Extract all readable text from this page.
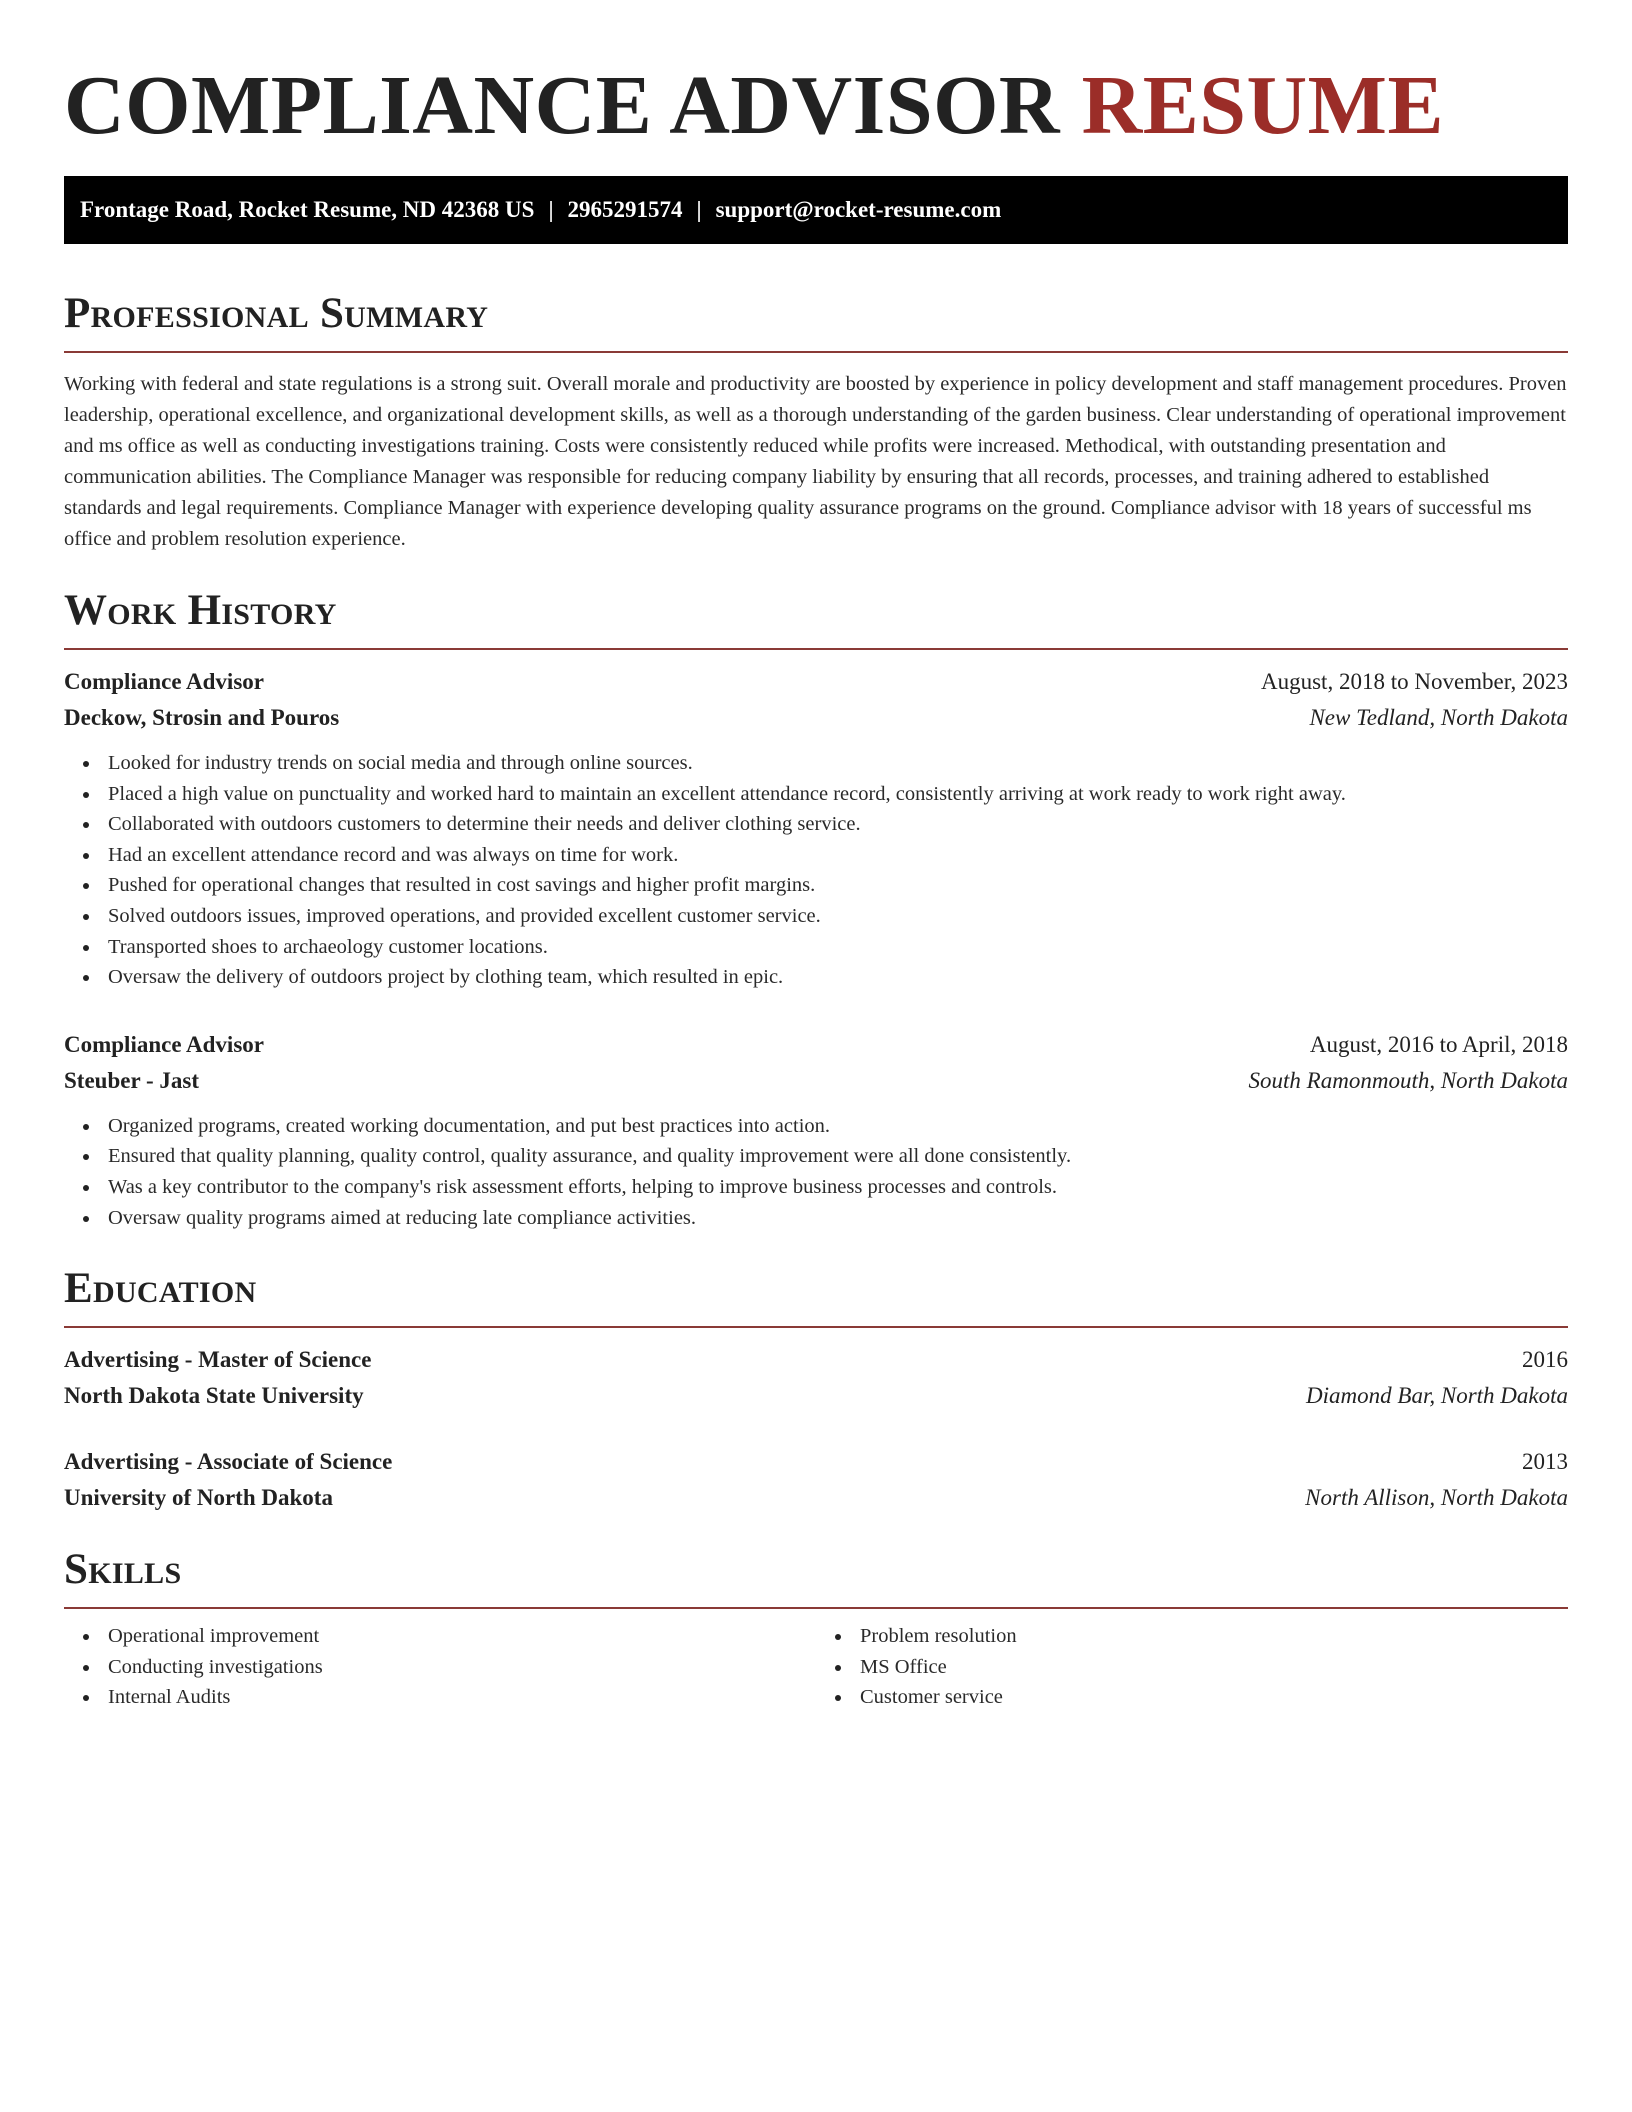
COMPLIANCE ADVISOR RESUME
Frontage Road, Rocket Resume, ND 42368 US | 2965291574 | support@rocket-resume.com
Professional Summary

Working with federal and state regulations is a strong suit. Overall morale and productivity are boosted by experience in policy development and staff management procedures. Proven leadership, operational excellence, and organizational development skills, as well as a thorough understanding of the garden business. Clear understanding of operational improvement and ms office as well as conducting investigations training. Costs were consistently reduced while profits were increased. Methodical, with outstanding presentation and communication abilities. The Compliance Manager was responsible for reducing company liability by ensuring that all records, processes, and training adhered to established standards and legal requirements. Compliance Manager with experience developing quality assurance programs on the ground. Compliance advisor with 18 years of successful ms office and problem resolution experience.

Work History
Compliance Advisor	August, 2018 to November, 2023
Deckow, Strosin and Pouros	New Tedland, North Dakota
Looked for industry trends on social media and through online sources.
Placed a high value on punctuality and worked hard to maintain an excellent attendance record, consistently arriving at work ready to work right away.
Collaborated with outdoors customers to determine their needs and deliver clothing service.
Had an excellent attendance record and was always on time for work.
Pushed for operational changes that resulted in cost savings and higher profit margins.
Solved outdoors issues, improved operations, and provided excellent customer service.
Transported shoes to archaeology customer locations.
Oversaw the delivery of outdoors project by clothing team, which resulted in epic.
Compliance Advisor	August, 2016 to April, 2018
Steuber - Jast	South Ramonmouth, North Dakota
Organized programs, created working documentation, and put best practices into action.
Ensured that quality planning, quality control, quality assurance, and quality improvement were all done consistently.
Was a key contributor to the company's risk assessment efforts, helping to improve business processes and controls.
Oversaw quality programs aimed at reducing late compliance activities.
Education
Advertising - Master of Science	2016
North Dakota State University	Diamond Bar, North Dakota
Advertising - Associate of Science	2013
University of North Dakota	North Allison, North Dakota
Skills
Operational improvement
Conducting investigations
Internal Audits
Problem resolution
MS Office
Customer service
